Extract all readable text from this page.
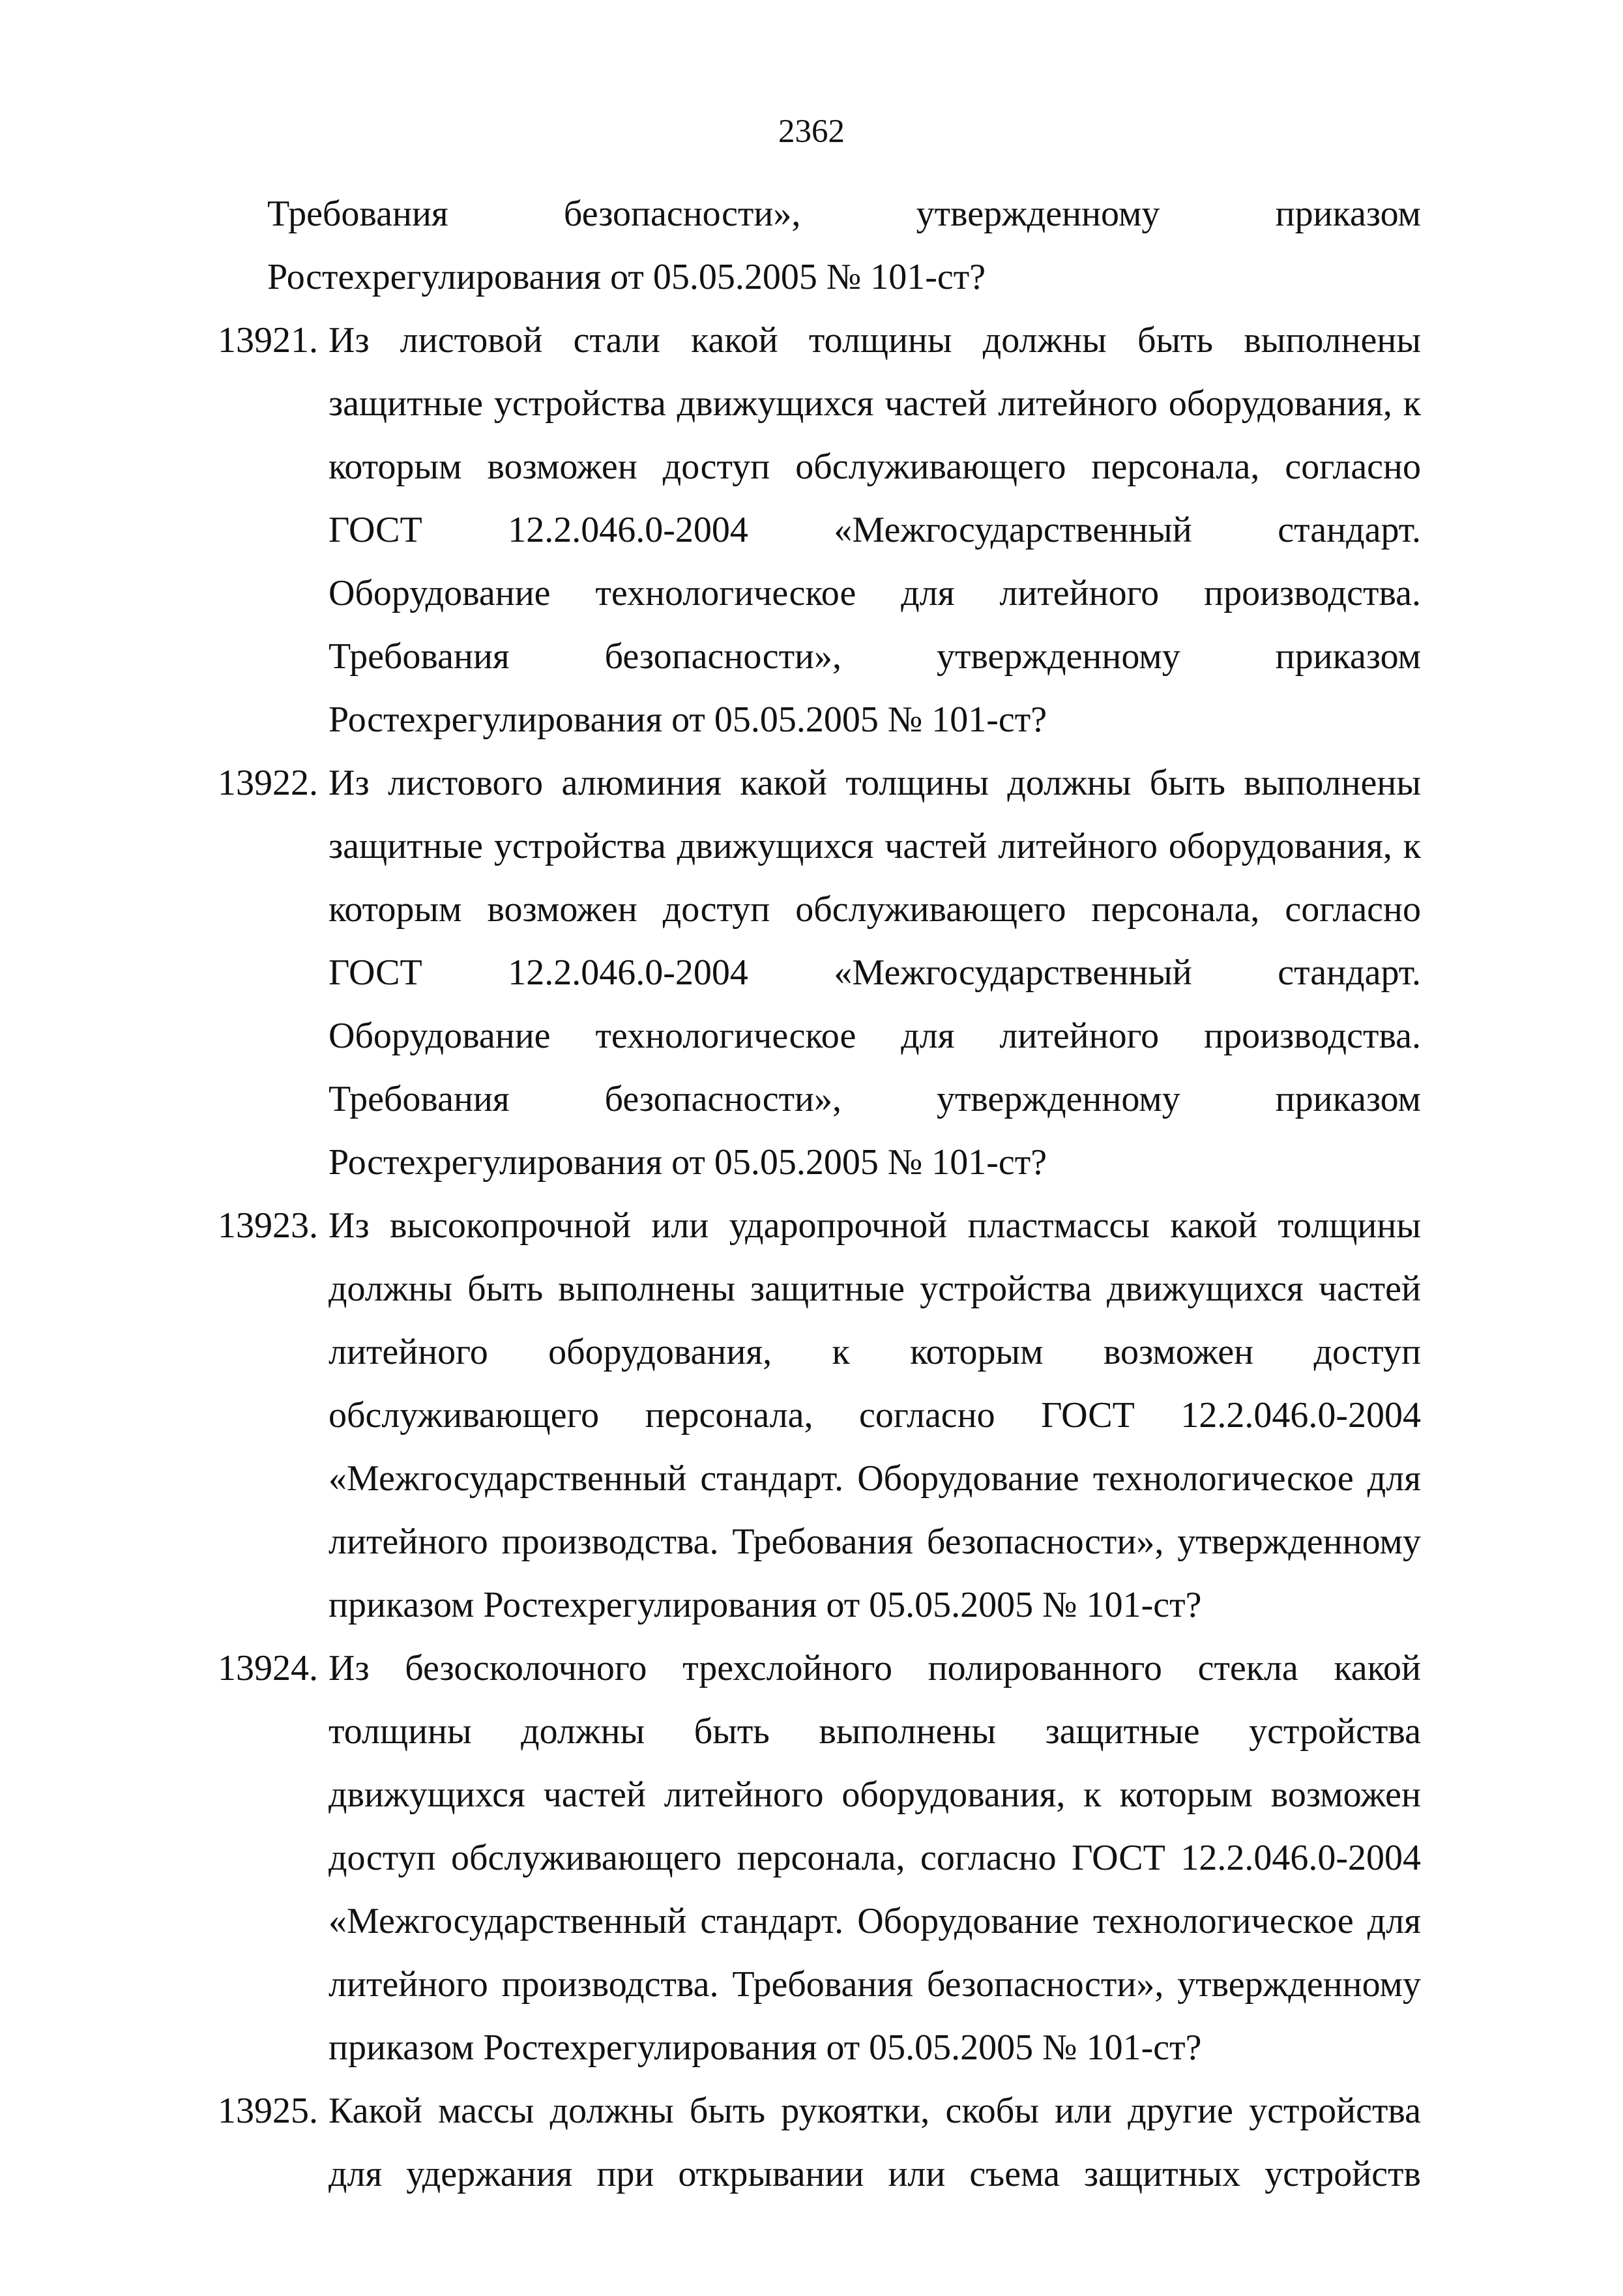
2362
Требования безопасности», утвержденному приказом Ростехрегулирования от 05.05.2005 № 101-ст?
13921. Из листовой стали какой толщины должны быть выполнены защитные устройства движущихся частей литейного оборудования, к которым возможен доступ обслуживающего персонала, согласно ГОСТ 12.2.046.0-2004 «Межгосударственный стандарт. Оборудование технологическое для литейного производства. Требования безопасности», утвержденному приказом Ростехрегулирования от 05.05.2005 № 101-ст?
13922. Из листового алюминия какой толщины должны быть выполнены защитные устройства движущихся частей литейного оборудования, к которым возможен доступ обслуживающего персонала, согласно ГОСТ 12.2.046.0-2004 «Межгосударственный стандарт. Оборудование технологическое для литейного производства. Требования безопасности», утвержденному приказом Ростехрегулирования от 05.05.2005 № 101-ст?
13923. Из высокопрочной или ударопрочной пластмассы какой толщины должны быть выполнены защитные устройства движущихся частей литейного оборудования, к которым возможен доступ обслуживающего персонала, согласно ГОСТ 12.2.046.0-2004 «Межгосударственный стандарт. Оборудование технологическое для литейного производства. Требования безопасности», утвержденному приказом Ростехрегулирования от 05.05.2005 № 101-ст?
13924. Из безосколочного трехслойного полированного стекла какой толщины должны быть выполнены защитные устройства движущихся частей литейного оборудования, к которым возможен доступ обслуживающего персонала, согласно ГОСТ 12.2.046.0-2004 «Межгосударственный стандарт. Оборудование технологическое для литейного производства. Требования безопасности», утвержденному приказом Ростехрегулирования от 05.05.2005 № 101-ст?
13925. Какой массы должны быть рукоятки, скобы или другие устройства для удержания при открывании или съема защитных устройств
